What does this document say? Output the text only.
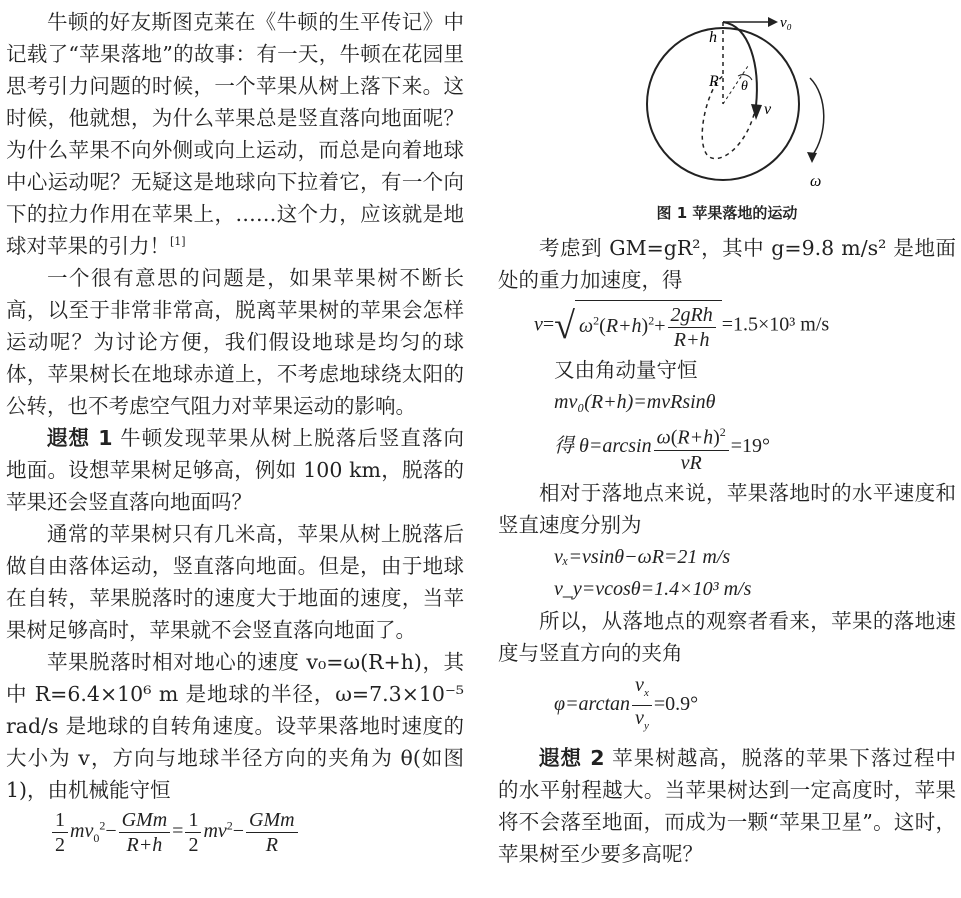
牛顿的好友斯图克莱在《牛顿的生平传记》中记载了“苹果落地”的故事：有一天，牛顿在花园里思考引力问题的时候，一个苹果从树上落下来。这时候，他就想，为什么苹果总是竖直落向地面呢？为什么苹果不向外侧或向上运动，而总是向着地球中心运动呢？无疑这是地球向下拉着它，有一个向下的拉力作用在苹果上，……这个力，应该就是地球对苹果的引力！[1]

一个很有意思的问题是，如果苹果树不断长高，以至于非常非常高，脱离苹果树的苹果会怎样运动呢？为讨论方便，我们假设地球是均匀的球体，苹果树长在地球赤道上，不考虑地球绕太阳的公转，也不考虑空气阻力对苹果运动的影响。

遐想 1 牛顿发现苹果从树上脱落后竖直落向地面。设想苹果树足够高，例如 100 km，脱落的苹果还会竖直落向地面吗？

通常的苹果树只有几米高，苹果从树上脱落后做自由落体运动，竖直落向地面。但是，由于地球在自转，苹果脱落时的速度大于地面的速度，当苹果树足够高时，苹果就不会竖直落向地面了。

苹果脱落时相对地心的速度 v₀=ω(R+h)，其中 R=6.4×10⁶ m 是地球的半径，ω=7.3×10⁻⁵ rad/s 是地球的自转角速度。设苹果落地时速度的大小为 v，方向与地球半径方向的夹角为 θ(如图 1)，由机械能守恒

$\frac{1}{2} mv_0^2- \frac{\text{GMm}}{R+h} = \frac{1}{2} mv^2- \frac{\text{GMm}}{R}$
v₀
h
R θ
v
ω
图 1 苹果落地的运动

考虑到 GM=gR²，其中 g=9.8 m/s² 是地面处的重力加速度，得

v=√ $\omega^2(R+h)^2+ \frac{\text{2gRh}}{R+h} =1.5\times 10^3$ m/s

又由角动量守恒

mv₀(R+h)=mvRsinθ
得 $\theta=\arcsin \frac{\omega(R+h)^2}{vR} =19^\circ$

相对于落地点来说，苹果落地时的水平速度和竖直速度分别为

vₓ=vsinθ−ωR=21 m/s
v_y=vcosθ=1.4×10³ m/s

所以，从落地点的观察者看来，苹果的落地速度与竖直方向的夹角

$\varphi=\arctan \frac{v_x}{v_y} =0.9^\circ$

遐想 2 苹果树越高，脱落的苹果下落过程中的水平射程越大。当苹果树达到一定高度时，苹果将不会落至地面，而成为一颗“苹果卫星”。这时，苹果树至少要多高呢？
